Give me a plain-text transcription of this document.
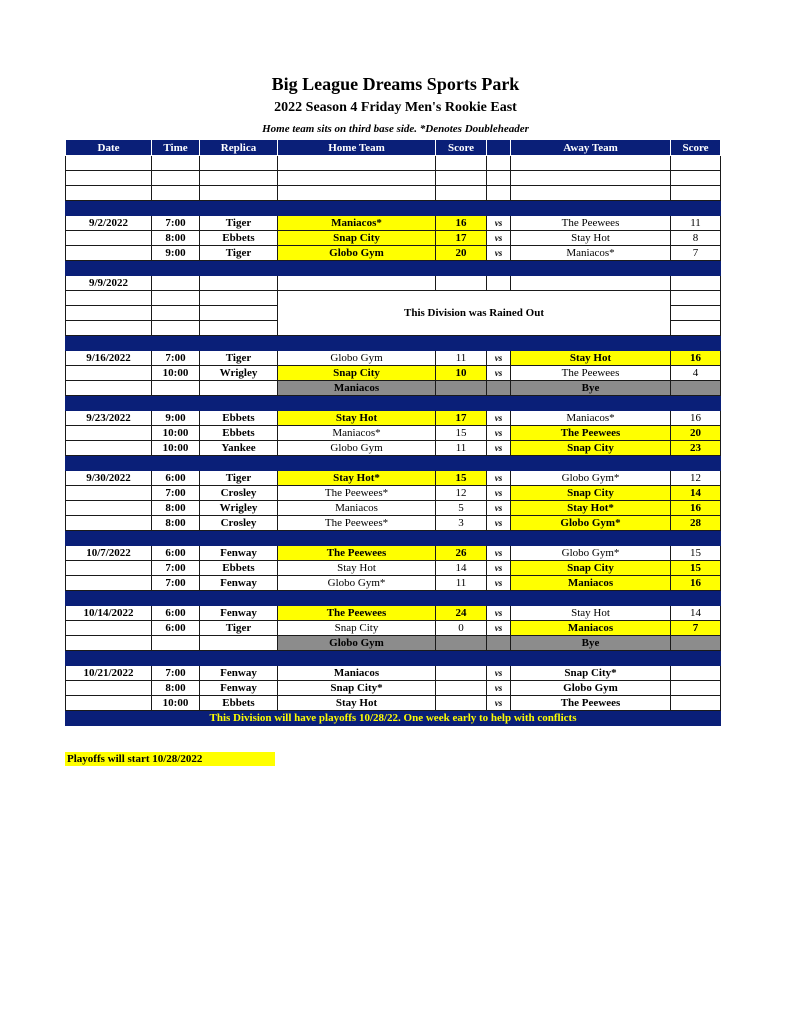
Big League Dreams Sports Park
2022 Season 4 Friday Men's Rookie East
Home team sits on third base side. *Denotes Doubleheader
Date	Time	Replica	Home Team	Score		Away Team	Score

9/2/2022	7:00	Tiger	Maniacos*	16	vs	The Peewees	11
	8:00	Ebbets	Snap City	17	vs	Stay Hot	8
	9:00	Tiger	Globo Gym	20	vs	Maniacos*	7

9/9/2022							
			This Division was Rained Out				

9/16/2022	7:00	Tiger	Globo Gym	11	vs	Stay Hot	16
	10:00	Wrigley	Snap City	10	vs	The Peewees	4
			Maniacos			Bye	

9/23/2022	9:00	Ebbets	Stay Hot	17	vs	Maniacos*	16
	10:00	Ebbets	Maniacos*	15	vs	The Peewees	20
	10:00	Yankee	Globo Gym	11	vs	Snap City	23

9/30/2022	6:00	Tiger	Stay Hot*	15	vs	Globo Gym*	12
	7:00	Crosley	The Peewees*	12	vs	Snap City	14
	8:00	Wrigley	Maniacos	5	vs	Stay Hot*	16
	8:00	Crosley	The Peewees*	3	vs	Globo Gym*	28

10/7/2022	6:00	Fenway	The Peewees	26	vs	Globo Gym*	15
	7:00	Ebbets	Stay Hot	14	vs	Snap City	15
	7:00	Fenway	Globo Gym*	11	vs	Maniacos	16

10/14/2022	6:00	Fenway	The Peewees	24	vs	Stay Hot	14
	6:00	Tiger	Snap City	0	vs	Maniacos	7
			Globo Gym			Bye	

10/21/2022	7:00	Fenway	Maniacos		vs	Snap City*	
	8:00	Fenway	Snap City*		vs	Globo Gym	
	10:00	Ebbets	Stay Hot		vs	The Peewees	
This Division will have playoffs 10/28/22. One week early to help with conflicts							
Playoffs will start 10/28/2022
